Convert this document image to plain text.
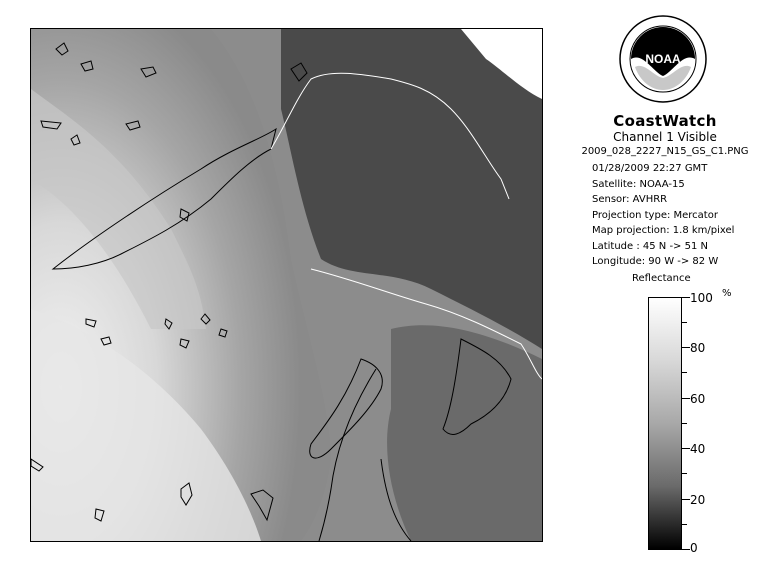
NOAA
CoastWatch
Channel 1 Visible
2009_028_2227_N15_GS_C1.PNG
01/28/2009 22:27 GMT
Satellite: NOAA-15
Sensor: AVHRR
Projection type: Mercator
Map projection: 1.8 km/pixel
Latitude : 45 N -> 51 N
Longitude: 90 W -> 82 W
Reflectance
%
100
80
60
40
20
0
